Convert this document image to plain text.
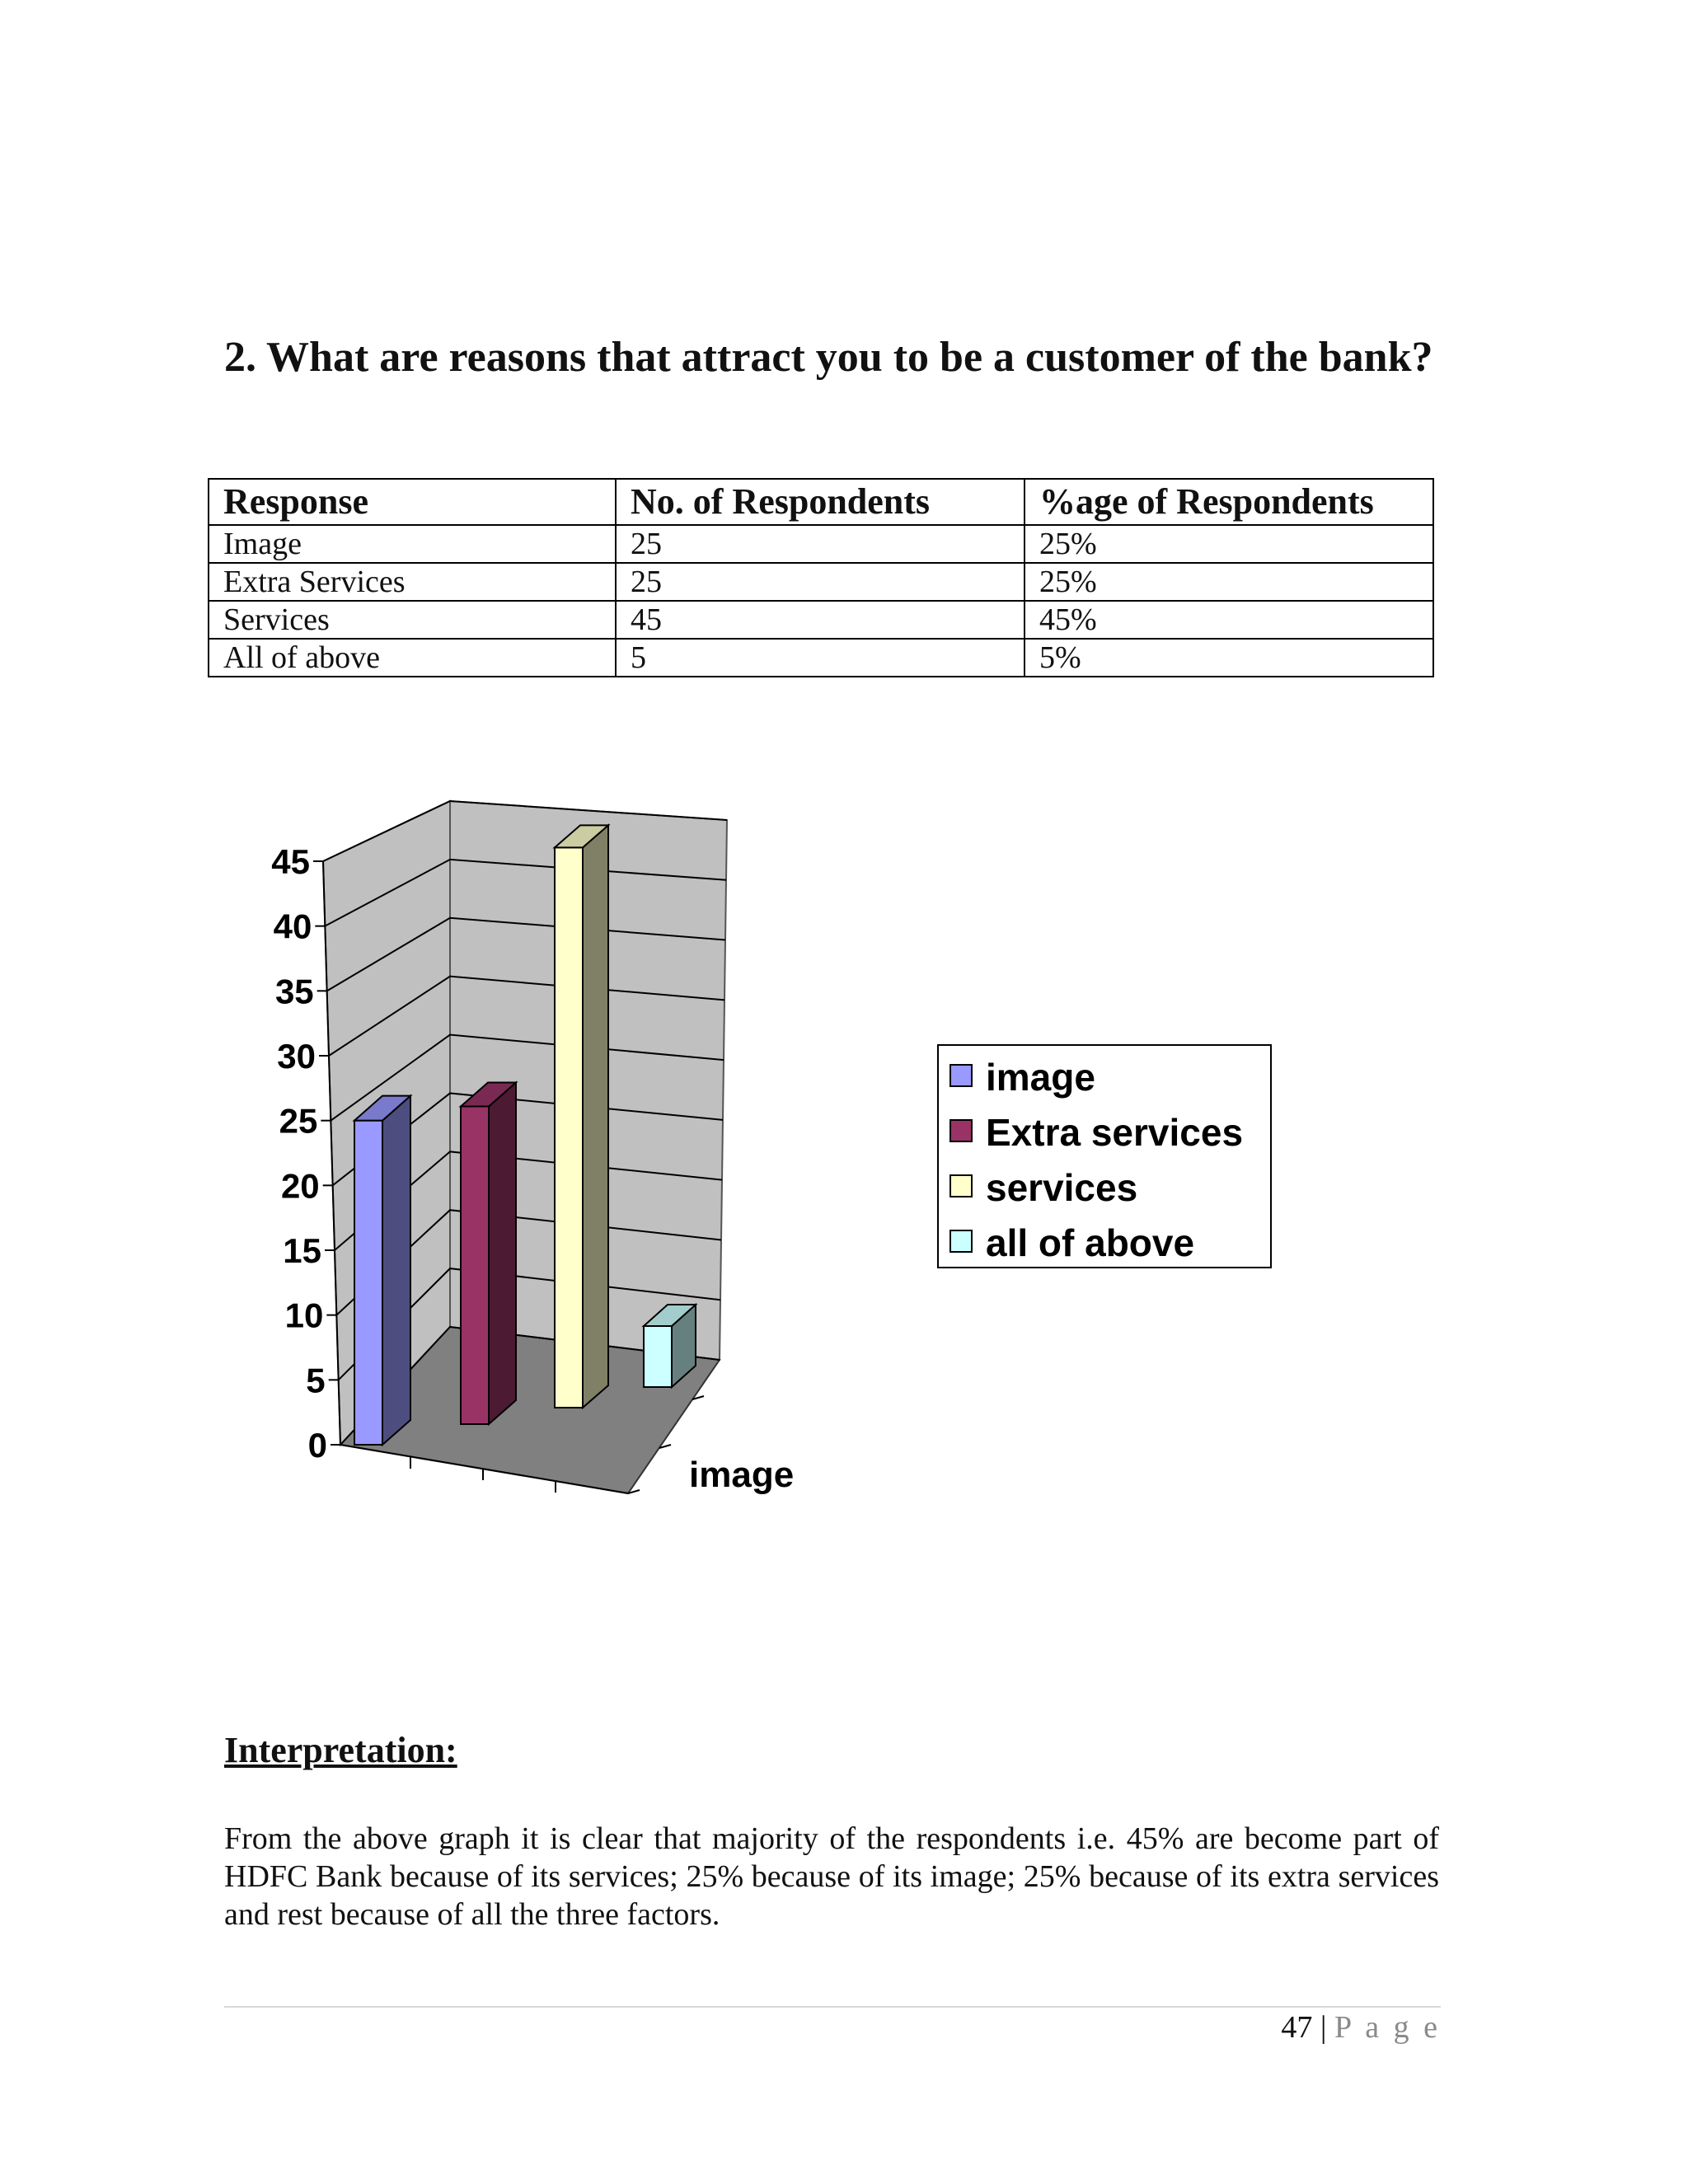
2. What are reasons that attract you to be a customer of the bank?
Response	No. of Respondents	%age of Respondents
Image	25	25%
Extra Services	25	25%
Services	45	45%
All of above	5	5%
0
5
10
15
20
25
30
35
40
45
image
image
Extra services
services
all of above
Interpretation:

From the above graph it is clear that majority of the respondents i.e. 45% are become part of HDFC Bank because of its services; 25% because of its image; 25% because of its extra services and rest because of all the three factors.

47 | P a g e
